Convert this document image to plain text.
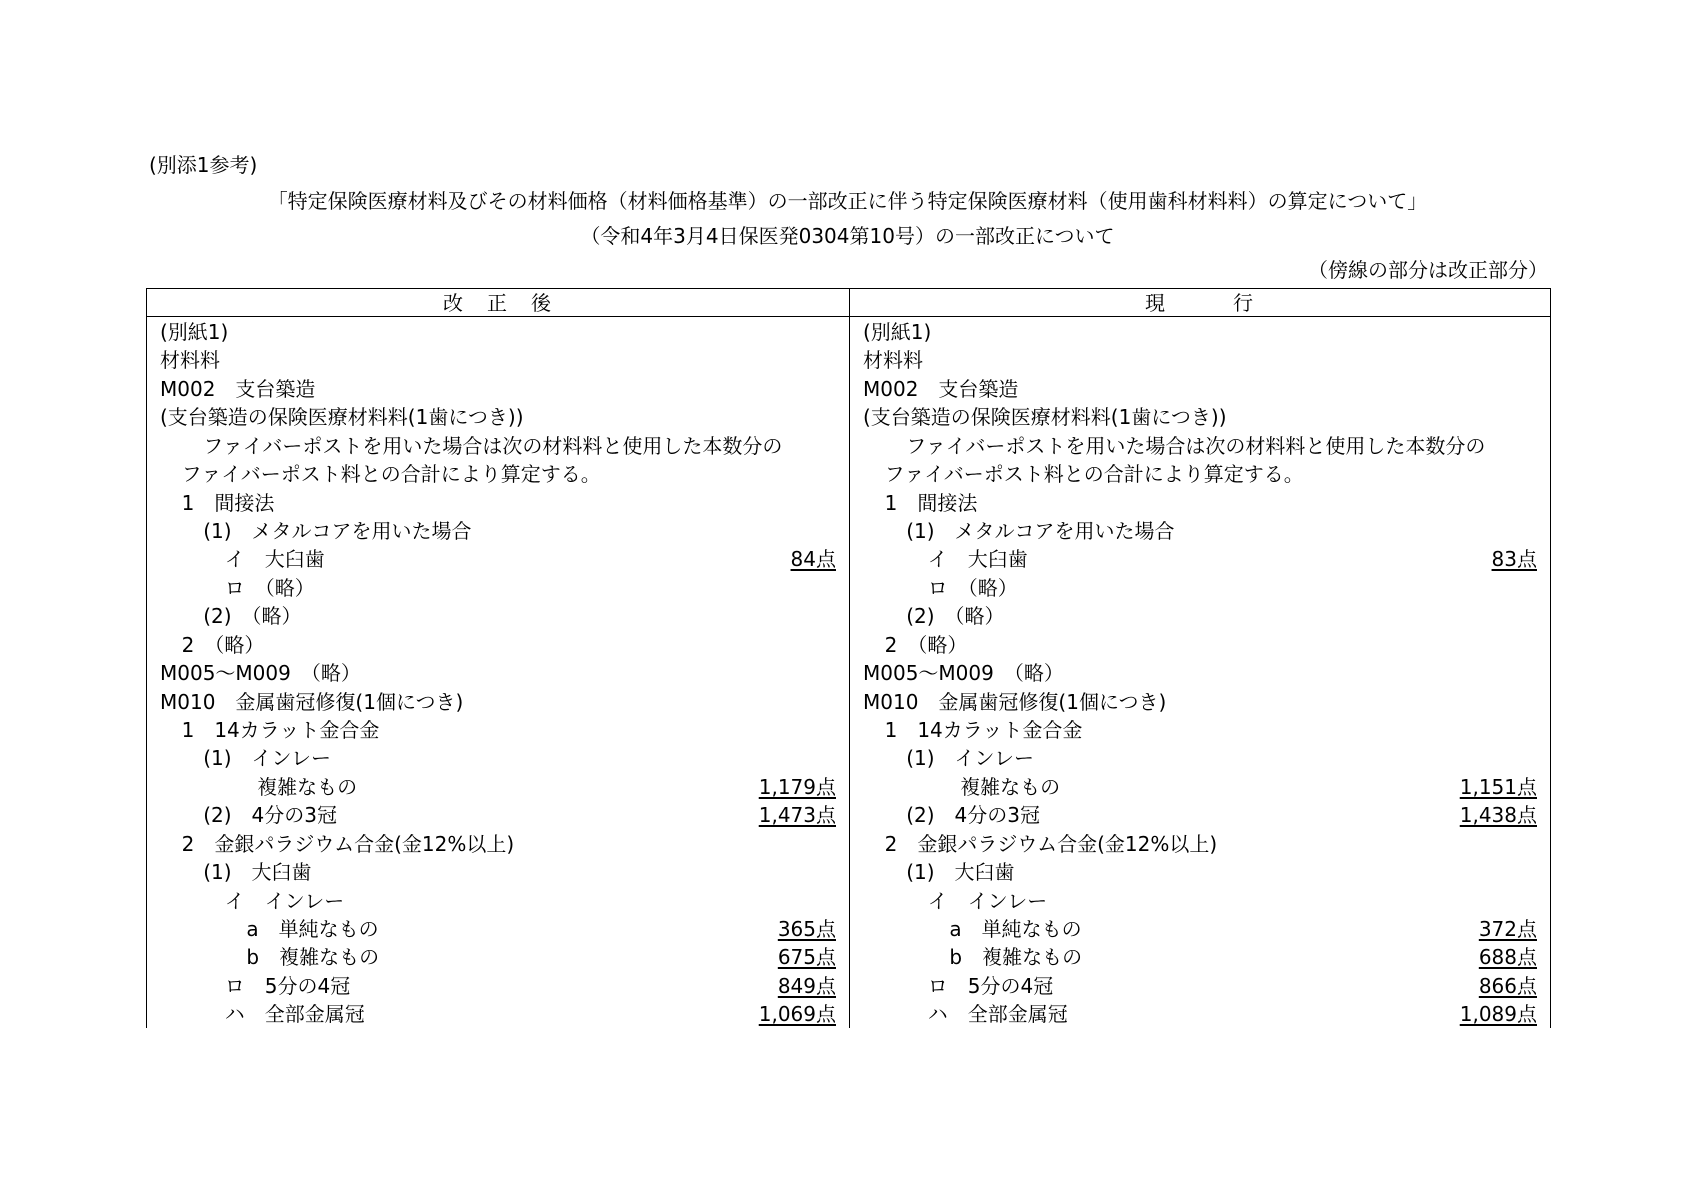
(別添1参考)
「特定保険医療材料及びその材料価格（材料価格基準）の一部改正に伴う特定保険医療材料（使用歯科材料料）の算定について」
（令和4年3月4日保医発0304第10号）の一部改正について
（傍線の部分は改正部分）
改　正　後	現　　　行
(別紙1)	(別紙1)
材料料	材料料
M002　支台築造	M002　支台築造
(支台築造の保険医療材料料(1歯につき))	(支台築造の保険医療材料料(1歯につき))
ファイバーポストを用いた場合は次の材料料と使用した本数分の	ファイバーポストを用いた場合は次の材料料と使用した本数分の
ファイバーポスト料との合計により算定する。	ファイバーポスト料との合計により算定する。
1　間接法	1　間接法
(1)　メタルコアを用いた場合	(1)　メタルコアを用いた場合
イ　大臼歯	84点	イ　大臼歯	83点
ロ　（略）	ロ　（略）
(2)　（略）	(2)　（略）
2　（略）	2　（略）
M005～M009　（略）	M005～M009　（略）
M010　金属歯冠修復(1個につき)	M010　金属歯冠修復(1個につき)
1　14カラット金合金	1　14カラット金合金
(1)　インレー	(1)　インレー
複雑なもの	1,179点	複雑なもの	1,151点
(2)　4分の3冠	1,473点	(2)　4分の3冠	1,438点
2　金銀パラジウム合金(金12%以上)	2　金銀パラジウム合金(金12%以上)
(1)　大臼歯	(1)　大臼歯
イ　インレー	イ　インレー
a　単純なもの	365点	a　単純なもの	372点
b　複雑なもの	675点	b　複雑なもの	688点
ロ　5分の4冠	849点	ロ　5分の4冠	866点
ハ　全部金属冠	1,069点	ハ　全部金属冠	1,089点
